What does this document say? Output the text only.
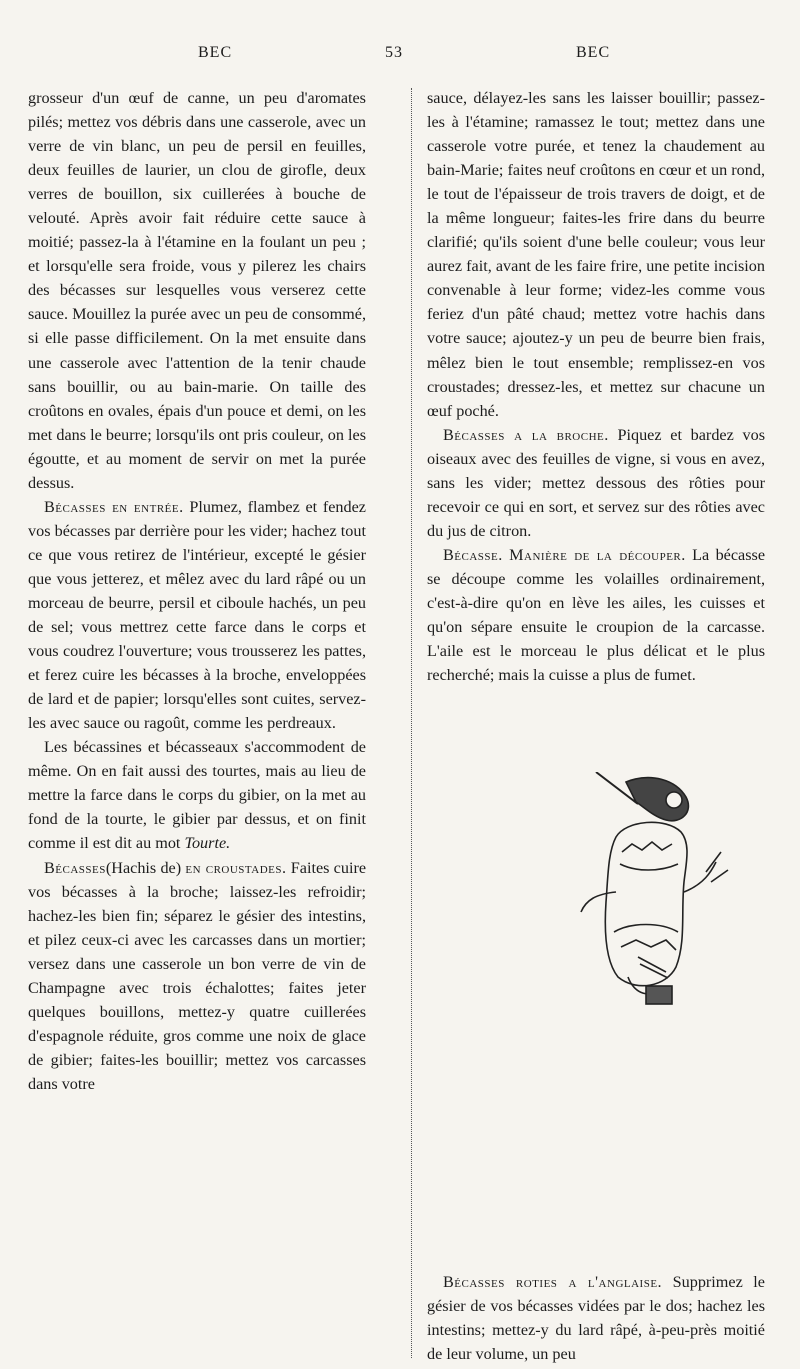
BEC	53	BEC

grosseur d'un œuf de canne, un peu d'aromates pilés; mettez vos débris dans une casserole, avec un verre de vin blanc, un peu de persil en feuilles, deux feuilles de laurier, un clou de girofle, deux verres de bouillon, six cuillerées à bouche de velouté. Après avoir fait réduire cette sauce à moitié; passez-la à l'étamine en la foulant un peu ; et lorsqu'elle sera froide, vous y pilerez les chairs des bécasses sur lesquelles vous verserez cette sauce. Mouillez la purée avec un peu de consommé, si elle passe difficilement. On la met ensuite dans une casserole avec l'attention de la tenir chaude sans bouillir, ou au bain-marie. On taille des croûtons en ovales, épais d'un pouce et demi, on les met dans le beurre; lorsqu'ils ont pris couleur, on les égoutte, et au moment de servir on met la purée dessus.

Bécasses en entrée. Plumez, flambez et fendez vos bécasses par derrière pour les vider; hachez tout ce que vous retirez de l'intérieur, excepté le gésier que vous jetterez, et mêlez avec du lard râpé ou un morceau de beurre, persil et ciboule hachés, un peu de sel; vous mettrez cette farce dans le corps et vous coudrez l'ouverture; vous trousserez les pattes, et ferez cuire les bécasses à la broche, enveloppées de lard et de papier; lorsqu'elles sont cuites, servez-les avec sauce ou ragoût, comme les perdreaux.

Les bécassines et bécasseaux s'accommodent de même. On en fait aussi des tourtes, mais au lieu de mettre la farce dans le corps du gibier, on la met au fond de la tourte, le gibier par dessus, et on finit comme il est dit au mot Tourte.

Bécasses(Hachis de) en croustades. Faites cuire vos bécasses à la broche; laissez-les refroidir; hachez-les bien fin; séparez le gésier des intestins, et pilez ceux-ci avec les carcasses dans un mortier; versez dans une casserole un bon verre de vin de Champagne avec trois échalottes; faites jeter quelques bouillons, mettez-y quatre cuillerées d'espagnole réduite, gros comme une noix de glace de gibier; faites-les bouillir; mettez vos carcasses dans votre

sauce, délayez-les sans les laisser bouillir; passez-les à l'étamine; ramassez le tout; mettez dans une casserole votre purée, et tenez la chaudement au bain-Marie; faites neuf croûtons en cœur et un rond, le tout de l'épaisseur de trois travers de doigt, et de la même longueur; faites-les frire dans du beurre clarifié; qu'ils soient d'une belle couleur; vous leur aurez fait, avant de les faire frire, une petite incision convenable à leur forme; videz-les comme vous feriez d'un pâté chaud; mettez votre hachis dans votre sauce; ajoutez-y un peu de beurre bien frais, mêlez bien le tout ensemble; remplissez-en vos croustades; dressez-les, et mettez sur chacune un œuf poché.

Bécasses a la broche. Piquez et bardez vos oiseaux avec des feuilles de vigne, si vous en avez, sans les vider; mettez dessous des rôties pour recevoir ce qui en sort, et servez sur des rôties avec du jus de citron.

Bécasse. Manière de la découper. La bécasse se découpe comme les volailles ordinairement, c'est-à-dire qu'on en lève les ailes, les cuisses et qu'on sépare ensuite le croupion de la carcasse. L'aile est le morceau le plus délicat et le plus recherché; mais la cuisse a plus de fumet.

Bécasses roties a l'anglaise. Supprimez le gésier de vos bécasses vidées par le dos; hachez les intestins; mettez-y du lard râpé, à-peu-près moitié de leur volume, un peu
